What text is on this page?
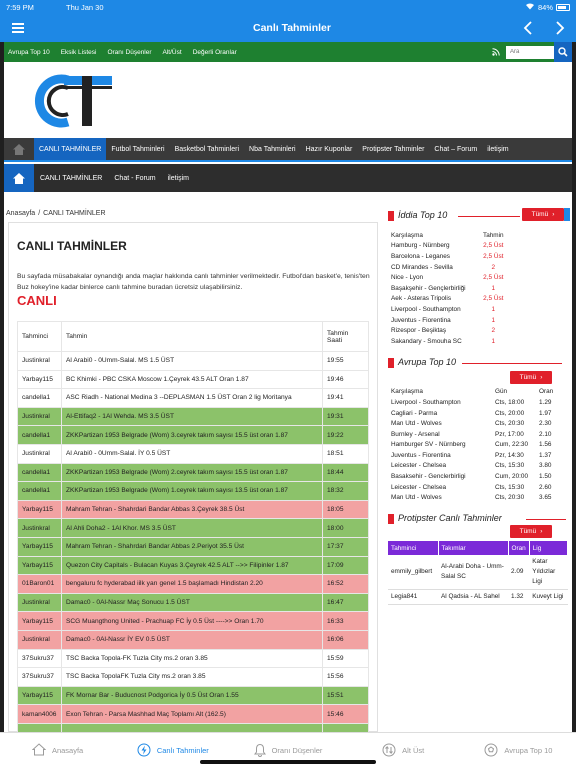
7:59 PM	Thu Jan 30	84%
Canlı Tahminler
Avrupa Top 10 Eksik Listesi Oranı Düşenler Alt/Üst Değerli Oranlar
Ara
CANLI TAHMİNLER	Futbol Tahminleri	Basketbol Tahminleri	Nba Tahminleri	Hazır Kuponlar	Protipster Tahminler	Chat – Forum	iletişim
CANLI TAHMİNLER	Chat - Forum	iletişim
Anasayfa / CANLI TAHMİNLER
CANLI TAHMİNLER
Bu sayfada müsabakalar oynandığı anda maçlar hakkında canlı tahminler verilmektedir. Futbol'dan basket'e, tenis'ten Buz hokey'ine kadar binlerce canlı tahmine buradan ücretsiz ulaşabilirsiniz.
CANLI
Tahminci	Tahmin	Tahmin Saati
Justinkral	Al Arabi0 - 0Umm-Salal. MS 1.5 ÜST	19:55
Yarbay115	BC Khimki - PBC CSKA Moscow 1.Çeyrek 43.5 ALT Oran 1.87	19:46
candella1	ASC Riadh - National Medina 3 --DEPLASMAN 1.5 ÜST Oran 2 lig Moritanya	19:41
Justinkral	Al-Ettifaq2 - 1Al Wehda. MS 3.5 ÜST	19:31
candella1	ZKKPartizan 1953 Belgrade (Wom) 3.ceyrek takım sayısı 15.5 üst oran 1.87	19:22
Justinkral	Al Arabi0 - 0Umm-Salal. İY 0.5 ÜST	18:51
candella1	ZKKPartizan 1953 Belgrade (Wom) 2.ceyrek takım sayısı 15.5 üst oran 1.87	18:44
candella1	ZKKPartizan 1953 Belgrade (Wom) 1.ceyrek takım sayısı 13.5 üst oran 1.87	18:32
Yarbay115	Mahram Tehran - Shahrdari Bandar Abbas 3.Çeyrek 38.5 Üst	18:05
Justinkral	Al Ahli Doha2 - 1Al Khor. MS 3.5 ÜST	18:00
Yarbay115	Mahram Tehran - Shahrdari Bandar Abbas 2.Periyot 35.5 Üst	17:37
Yarbay115	Quezon City Capitals - Bulacan Kuyas 3.Çeyrek 42.5 ALT -->> Filipinler 1.87	17:09
01Baron01	bengaluru fc hyderabad iilk yarı genel 1.5 başlamadı Hindistan 2.20	16:52
Justinkral	Damac0 - 0Al-Nassr Maç Sonucu 1.5 ÜST	16:47
Yarbay115	SCG Muangthong United - Prachuap FC İy 0.5 Üst ---->> Oran 1.70	16:33
Justinkral	Damac0 - 0Al-Nassr İY EV 0.5 ÜST	16:06
37Sukru37	TSC Backa Topola-FK Tuzla City ms.2 oran 3.85	15:59
37Sukru37	TSC Backa TopolaFK Tuzla City ms.2 oran 3.85	15:56
Yarbay115	FK Mornar Bar - Buducnost Podgorica İy 0.5 Üst Oran 1.55	15:51
kaman4006	Exon Tehran - Parsa Mashhad Maç Toplamı Alt (162.5)	15:46

İddia Top 10	Tümü ›
Karşılaşma	Tahmin
Hamburg - Nürnberg	2,5 Üst
Barcelona - Leganes	2,5 Üst
CD Mirandes - Sevilla	2
Nice - Lyon	2,5 Üst
Başakşehir - Gençlerbirliği	1
Aek - Asteras Tripolis	2,5 Üst
Liverpool - Southampton	1
Juventus - Fiorentina	1
Rizespor - Beşiktaş	2
Sakandary - Smouha SC	1
Avrupa Top 10
Tümü ›
Karşılaşma	Gün	Oran
Liverpool - Southampton	Cts, 18:00	1.29
Cagliari - Parma	Cts, 20:00	1.97
Man Utd - Wolves	Cts, 20:30	2.30
Burnley - Arsenal	Pzr, 17:00	2.10
Hamburger SV - Nürnberg	Cum, 22:30	1.56
Juventus - Fiorentina	Pzr, 14:30	1.37
Leicester - Chelsea	Cts, 15:30	3.80
Basaksehir - Genclerbirligi	Cum, 20:00	1.50
Leicester - Chelsea	Cts, 15:30	2.60
Man Utd - Wolves	Cts, 20:30	3.65
Protipster Canlı Tahminler
Tümü ›
Tahminci	Takımlar	Oran	Lig
emmily_gilbert	Al-Arabi Doha - Umm-Salal SC	2.09	Katar Yıldızlar Ligi
Legia841	Al Qadsia - AL Sahel	1.32	Kuveyt Ligi
Anasayfa	Canlı Tahminler	Oranı Düşenler	Alt Üst	Avrupa Top 10
